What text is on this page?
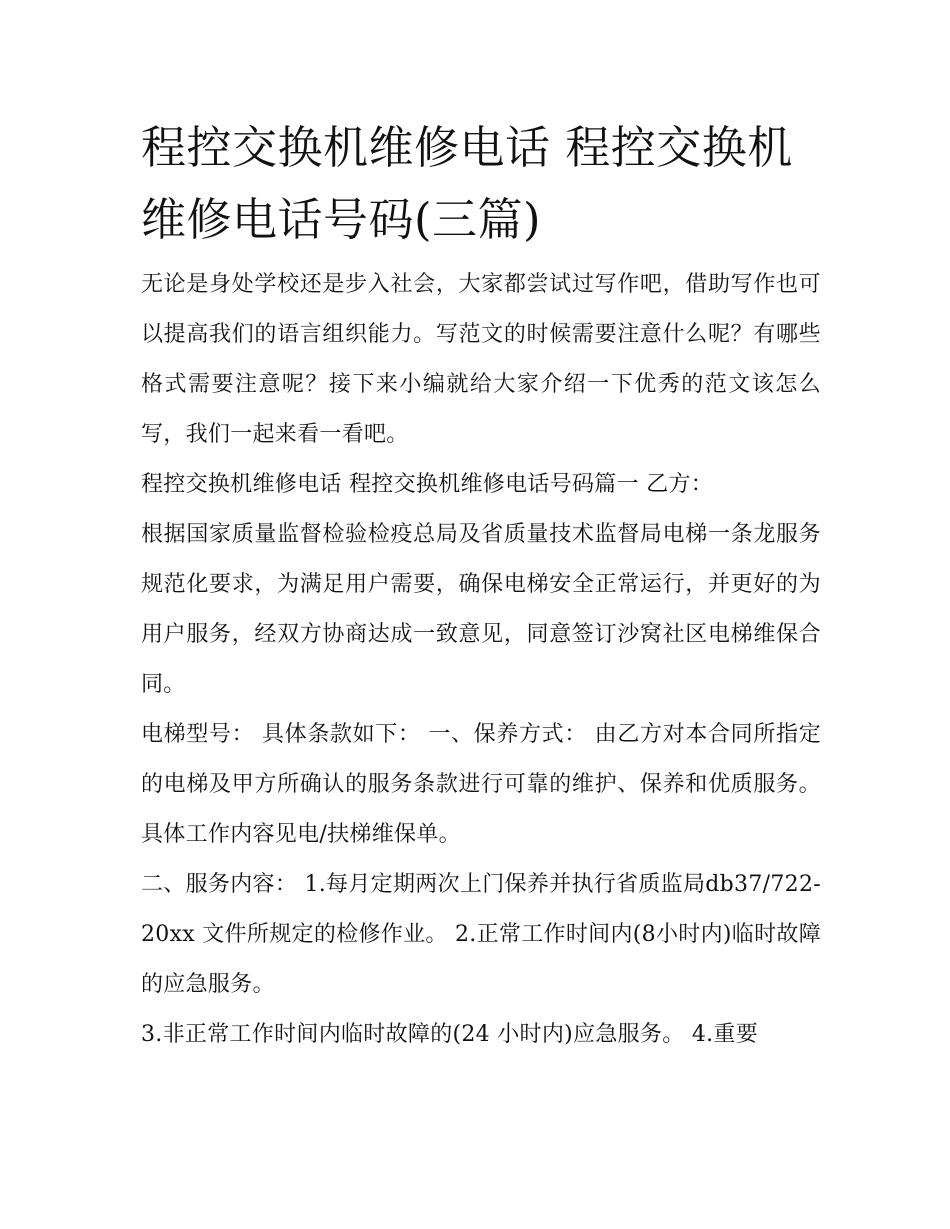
程控交换机维修电话 程控交换机维修电话号码(三篇)

无论是身处学校还是步入社会，大家都尝试过写作吧，借助写作也可以提高我们的语言组织能力。写范文的时候需要注意什么呢？有哪些格式需要注意呢？接下来小编就给大家介绍一下优秀的范文该怎么写，我们一起来看一看吧。

程控交换机维修电话 程控交换机维修电话号码篇一 乙方：

根据国家质量监督检验检疫总局及省质量技术监督局电梯一条龙服务规范化要求，为满足用户需要，确保电梯安全正常运行，并更好的为用户服务，经双方协商达成一致意见，同意签订沙窝社区电梯维保合同。

电梯型号： 具体条款如下： 一、保养方式： 由乙方对本合同所指定的电梯及甲方所确认的服务条款进行可靠的维护、保养和优质服务。具体工作内容见电/扶梯维保单。

二、服务内容： 1.每月定期两次上门保养并执行省质监局db37/722-20xx 文件所规定的检修作业。 2.正常工作时间内(8小时内)临时故障的应急服务。

3.非正常工作时间内临时故障的(24 小时内)应急服务。 4.重要
